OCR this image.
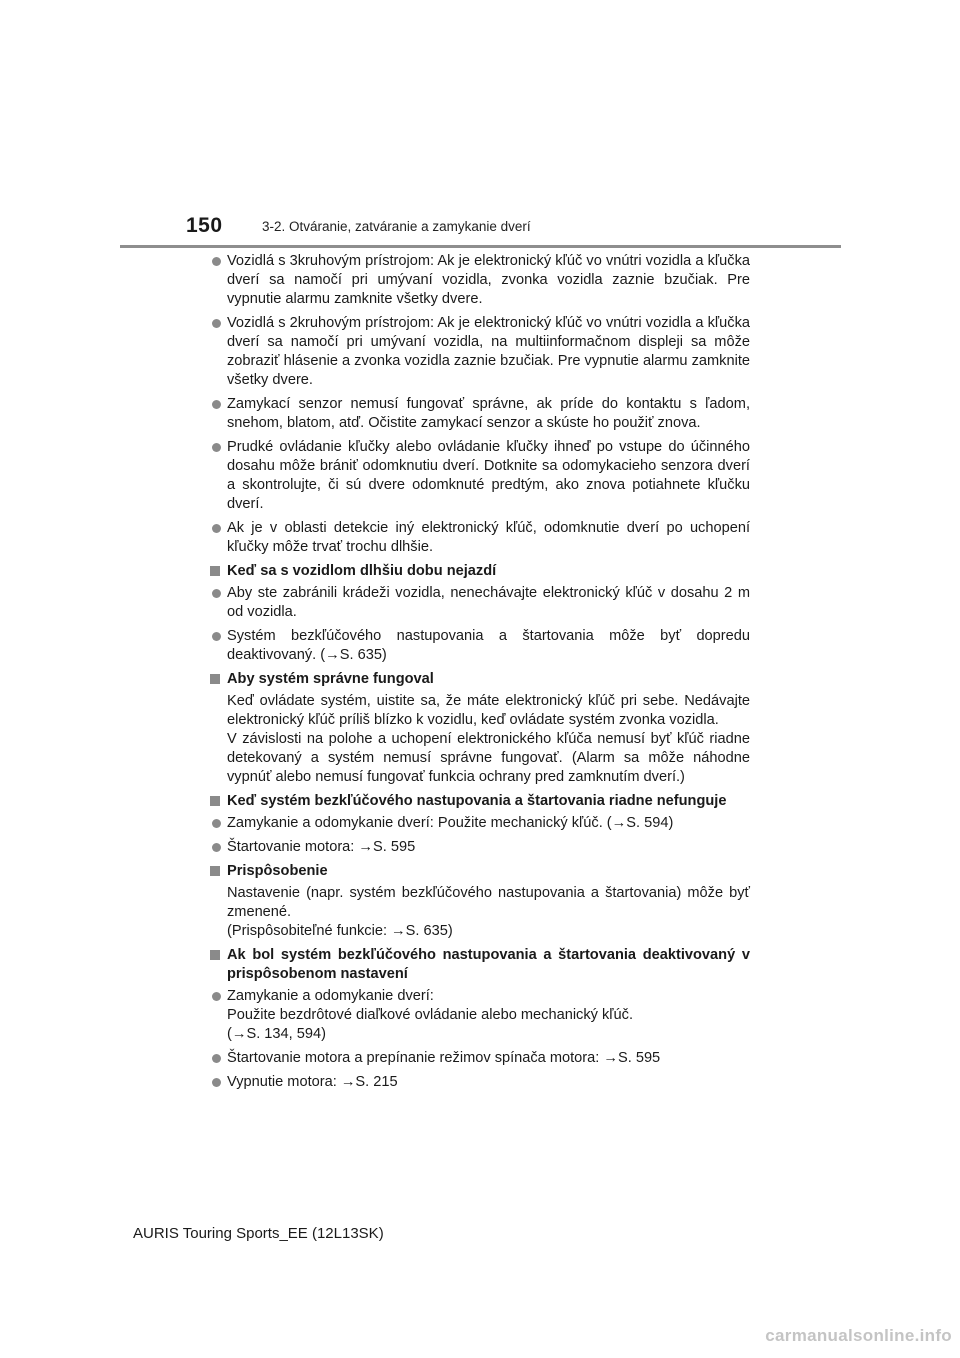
150	3-2. Otváranie, zatváranie a zamykanie dverí
Vozidlá s 3kruhovým prístrojom: Ak je elektronický kľúč vo vnútri vozidla a kľučka dverí sa namočí pri umývaní vozidla, zvonka vozidla zaznie bzučiak. Pre vypnutie alarmu zamknite všetky dvere.
Vozidlá s 2kruhovým prístrojom: Ak je elektronický kľúč vo vnútri vozidla a kľučka dverí sa namočí pri umývaní vozidla, na multiinformačnom displeji sa môže zobraziť hlásenie a zvonka vozidla zaznie bzučiak. Pre vypnutie alarmu zamknite všetky dvere.
Zamykací senzor nemusí fungovať správne, ak príde do kontaktu s ľadom, snehom, blatom, atď. Očistite zamykací senzor a skúste ho použiť znova.
Prudké ovládanie kľučky alebo ovládanie kľučky ihneď po vstupe do účinného dosahu môže brániť odomknutiu dverí. Dotknite sa odomykacieho senzora dverí a skontrolujte, či sú dvere odomknuté predtým, ako znova potiahnete kľučku dverí.
Ak je v oblasti detekcie iný elektronický kľúč, odomknutie dverí po uchopení kľučky môže trvať trochu dlhšie.
Keď sa s vozidlom dlhšiu dobu nejazdí
Aby ste zabránili krádeži vozidla, nenechávajte elektronický kľúč v dosahu 2 m od vozidla.
Systém bezkľúčového nastupovania a štartovania môže byť dopredu deaktivovaný. (→S. 635)
Aby systém správne fungoval
Keď ovládate systém, uistite sa, že máte elektronický kľúč pri sebe. Nedávajte elektronický kľúč príliš blízko k vozidlu, keď ovládate systém zvonka vozidla.
V závislosti na polohe a uchopení elektronického kľúča nemusí byť kľúč riadne detekovaný a systém nemusí správne fungovať. (Alarm sa môže náhodne vypnúť alebo nemusí fungovať funkcia ochrany pred zamknutím dverí.)
Keď systém bezkľúčového nastupovania a štartovania riadne nefunguje
Zamykanie a odomykanie dverí: Použite mechanický kľúč. (→S. 594)
Štartovanie motora: →S. 595
Prispôsobenie
Nastavenie (napr. systém bezkľúčového nastupovania a štartovania) môže byť zmenené.
(Prispôsobiteľné funkcie: →S. 635)
Ak bol systém bezkľúčového nastupovania a štartovania deaktivovaný v prispôsobenom nastavení
Zamykanie a odomykanie dverí:
Použite bezdrôtové diaľkové ovládanie alebo mechanický kľúč.
(→S. 134, 594)
Štartovanie motora a prepínanie režimov spínača motora: →S. 595
Vypnutie motora: →S. 215
AURIS Touring Sports_EE (12L13SK)
carmanualsonline.info
